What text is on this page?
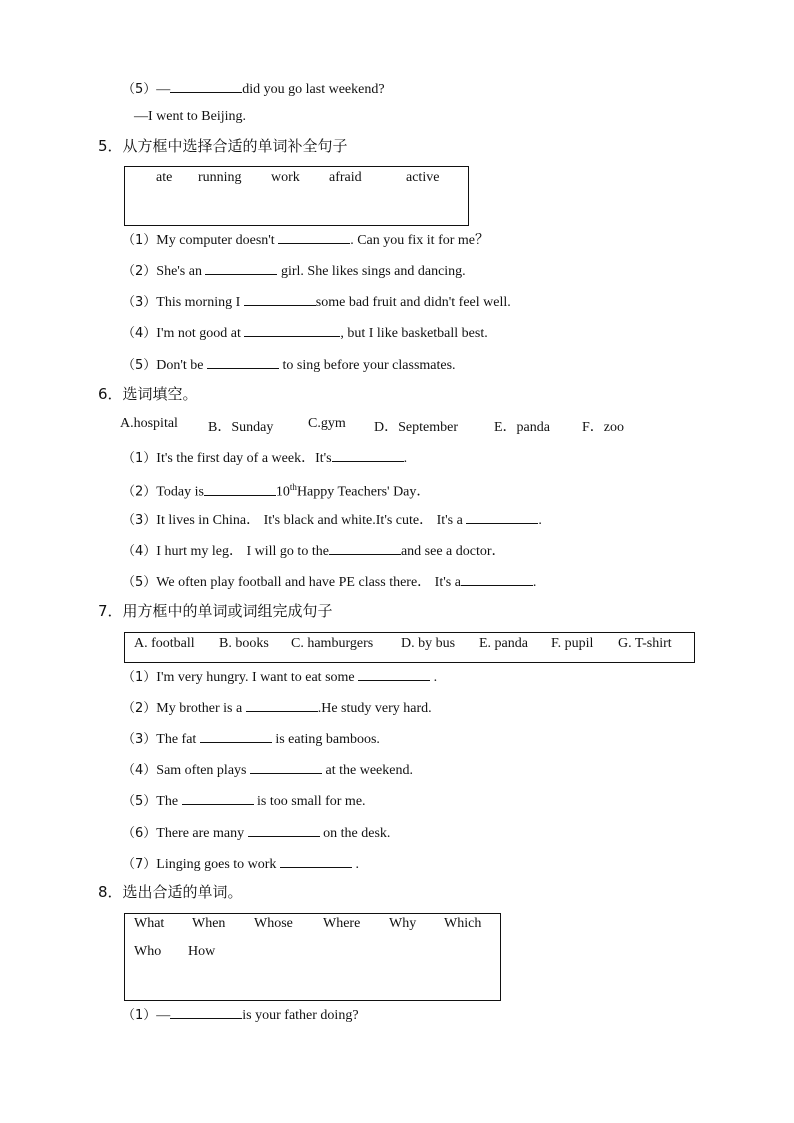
（5）—	did you go last weekend?
—I went to Beijing.
5．从方框中选择合适的单词补全句子
ate running work afraid	active
（1）My computer doesn't	. Can you fix it for me？
（2）She's an	girl. She likes sings and dancing.
（3）This morning I	some bad fruit and didn't feel well.
（4）I'm not good at	, but I like basketball best.
（5）Don't be	to sing before your classmates.
6．选词填空。
A.hospital B．Sunday C.gym D．September	E．panda F．zoo
（1）It's the first day of a week．It's	.
（2）Today is	10thHappy Teachers' Day．
（3）It lives in China． It's black and white.It's cute． It's a	.
（4）I hurt my leg． I will go to the	and see a doctor．
（5）We often play football and have PE class there． It's a	.
7．用方框中的单词或词组完成句子
A. football B. books C. hamburgers D. by bus E. panda F. pupil G. T-shirt
（1）I'm very hungry. I want to eat some	.
（2）My brother is a	.He study very hard.
（3）The fat	is eating bamboos.
（4）Sam often plays	at the weekend.
（5）The	is too small for me.
（6）There are many	on the desk.
（7）Linging goes to work	.
8．选出合适的单词。
What When Whose Where Why Which
Who How
（1）—	is your father doing?
